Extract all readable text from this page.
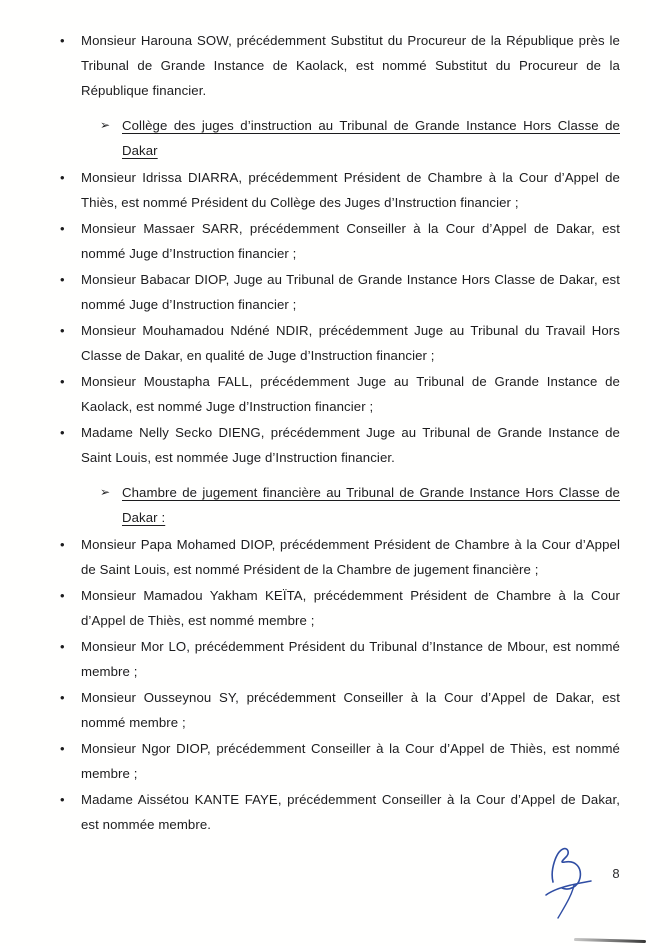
•	Monsieur Harouna SOW, précédemment Substitut du Procureur de la République près le Tribunal de Grande Instance de Kaolack, est nommé Substitut du Procureur de la République financier.
➢ Collège des juges d’instruction au Tribunal de Grande Instance Hors Classe de Dakar
•	Monsieur Idrissa DIARRA, précédemment Président de Chambre à la Cour d’Appel de Thiès, est nommé Président du Collège des Juges d’Instruction financier ;
•	Monsieur Massaer SARR, précédemment Conseiller à la Cour d’Appel de Dakar, est nommé Juge d’Instruction financier ;
•	Monsieur Babacar DIOP, Juge au Tribunal de Grande Instance Hors Classe de Dakar, est nommé Juge d’Instruction financier ;
•	Monsieur Mouhamadou Ndéné NDIR, précédemment Juge au Tribunal du Travail Hors Classe de Dakar, en qualité de Juge d’Instruction financier ;
•	Monsieur Moustapha FALL, précédemment Juge au Tribunal de Grande Instance de Kaolack, est nommé Juge d’Instruction financier ;
•	Madame Nelly Secko DIENG, précédemment Juge au Tribunal de Grande Instance de Saint Louis, est nommée Juge d’Instruction financier.
➢ Chambre de jugement financière au Tribunal de Grande Instance Hors Classe de Dakar :
•	Monsieur Papa Mohamed DIOP, précédemment Président de Chambre à la Cour d’Appel de Saint Louis, est nommé Président de la Chambre de jugement financière ;
•	Monsieur Mamadou Yakham KEÏTA, précédemment Président de Chambre à la Cour d’Appel de Thiès, est nommé membre ;
•	Monsieur Mor LO, précédemment Président du Tribunal d’Instance de Mbour, est nommé membre ;
•	Monsieur Ousseynou SY, précédemment Conseiller à la Cour d’Appel de Dakar, est nommé membre ;
•	Monsieur Ngor DIOP, précédemment Conseiller à la Cour d’Appel de Thiès, est nommé membre ;
•	Madame Aissétou KANTE FAYE, précédemment Conseiller à la Cour d’Appel de Dakar, est nommée membre.
8
